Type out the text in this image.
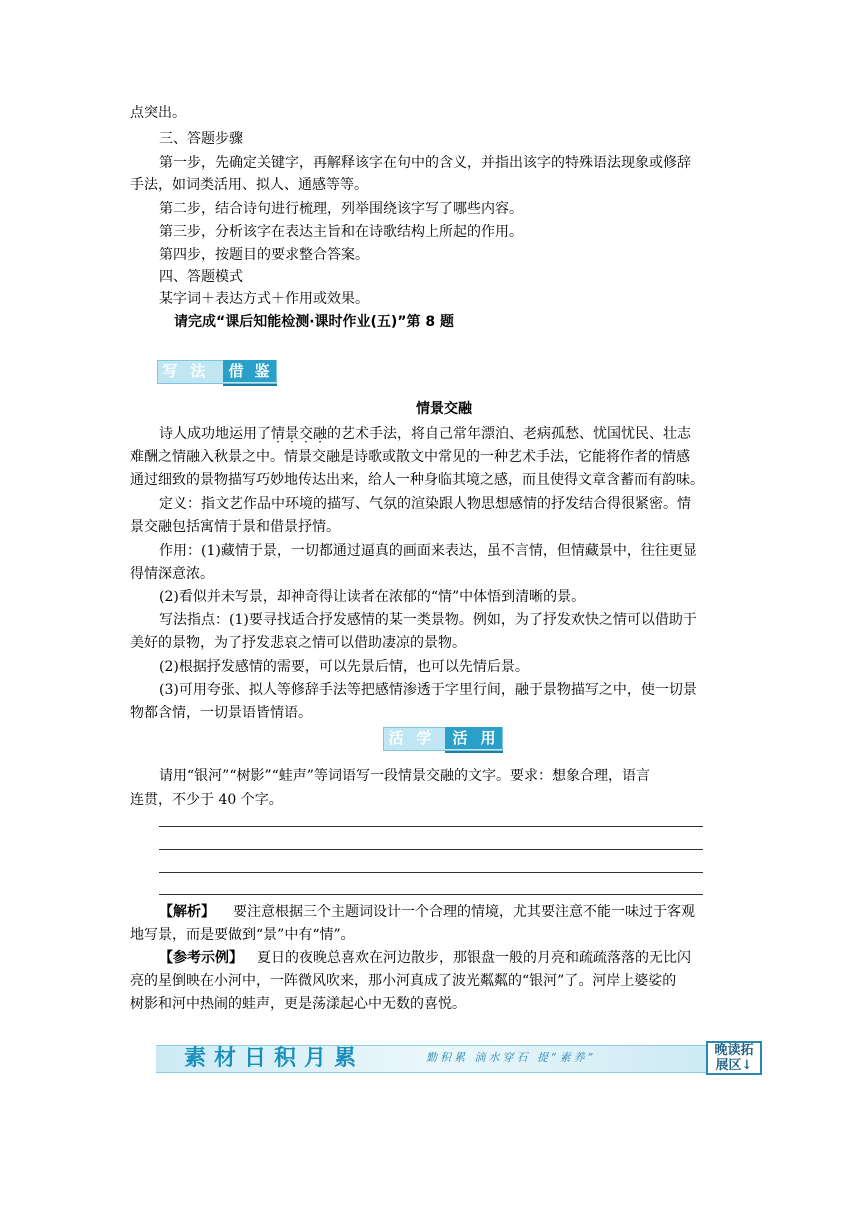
点突出。
三、答题步骤
第一步，先确定关键字，再解释该字在句中的含义，并指出该字的特殊语法现象或修辞
手法，如词类活用、拟人、通感等等。
第二步，结合诗句进行梳理，列举围绕该字写了哪些内容。
第三步，分析该字在表达主旨和在诗歌结构上所起的作用。
第四步，按题目的要求整合答案。
四、答题模式
某字词＋表达方式＋作用或效果。
请完成“课后知能检测·课时作业(五)”第 8 题
写 法 借 鉴
情景交融
诗人成功地运用了情景交融的艺术手法，将自己常年漂泊、老病孤愁、忧国忧民、壮志
难酬之情融入秋景之中。情景交融是诗歌或散文中常见的一种艺术手法，它能将作者的情感
通过细致的景物描写巧妙地传达出来，给人一种身临其境之感，而且使得文章含蓄而有韵味。
定义：指文艺作品中环境的描写、气氛的渲染跟人物思想感情的抒发结合得很紧密。情
景交融包括寓情于景和借景抒情。
作用：(1)藏情于景，一切都通过逼真的画面来表达，虽不言情，但情藏景中，往往更显
得情深意浓。
(2)看似并未写景，却神奇得让读者在浓郁的“情”中体悟到清晰的景。
写法指点：(1)要寻找适合抒发感情的某一类景物。例如，为了抒发欢快之情可以借助于
美好的景物，为了抒发悲哀之情可以借助凄凉的景物。
(2)根据抒发感情的需要，可以先景后情，也可以先情后景。
(3)可用夸张、拟人等修辞手法等把感情渗透于字里行间，融于景物描写之中，使一切景
物都含情，一切景语皆情语。
活 学 活 用
请用“银河”“树影”“蛙声”等词语写一段情景交融的文字。要求：想象合理，语言
连贯，不少于 40 个字。
【解析】 要注意根据三个主题词设计一个合理的情境，尤其要注意不能一味过于客观
地写景，而是要做到“景”中有“情”。
【参考示例】 夏日的夜晚总喜欢在河边散步，那银盘一般的月亮和疏疏落落的无比闪
亮的星倒映在小河中，一阵微风吹来，那小河真成了波光粼粼的“银河”了。河岸上婆娑的
树影和河中热闹的蛙声，更是荡漾起心中无数的喜悦。
素材日积月累	勤积累 滴水穿石 提“素养”	晚读拓
展区↓
